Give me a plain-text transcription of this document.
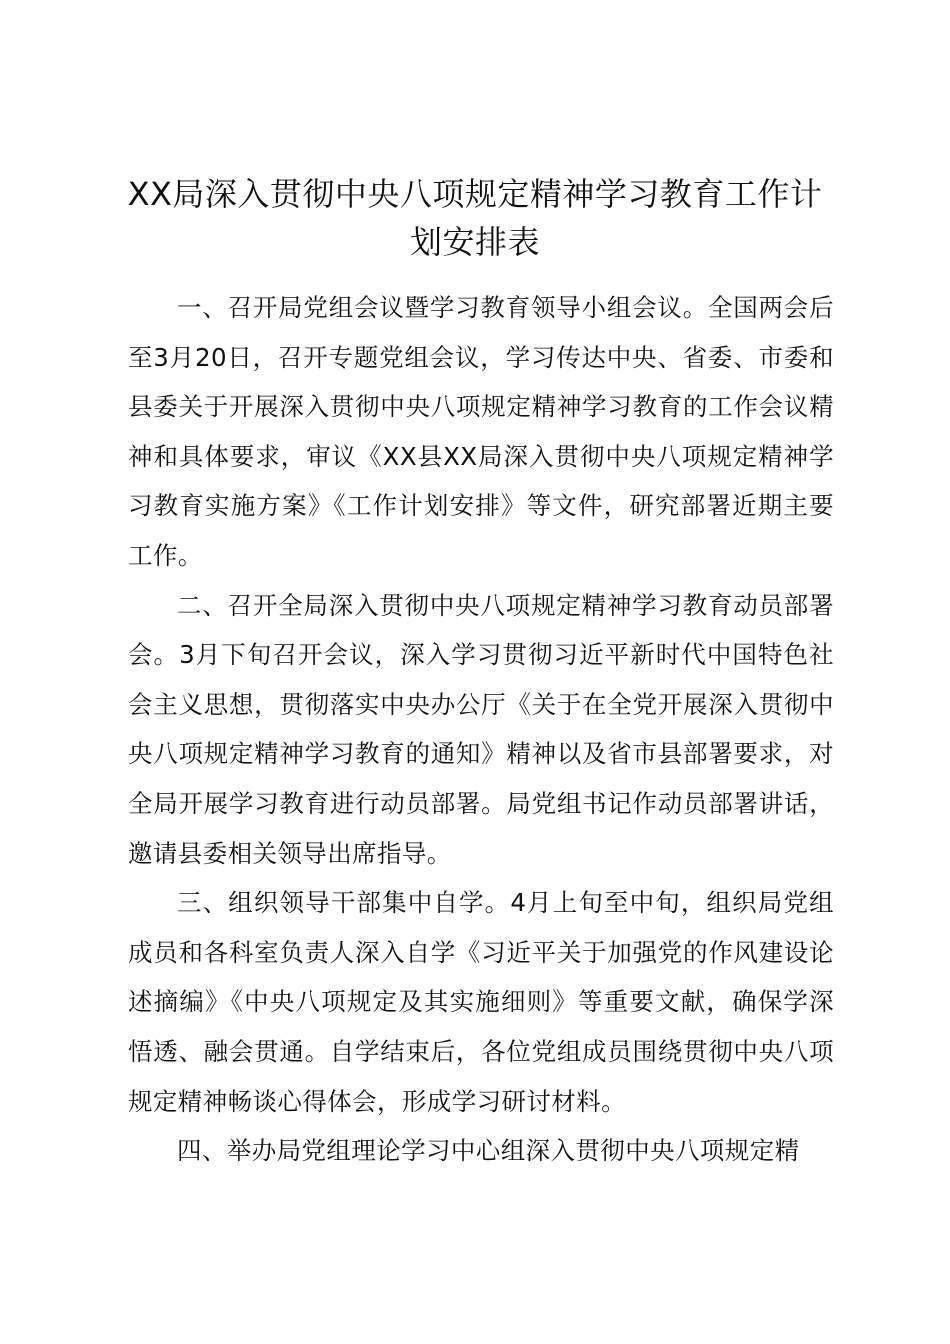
XX局深入贯彻中央八项规定精神学习教育工作计划安排表

一、召开局党组会议暨学习教育领导小组会议。全国两会后至3月20日，召开专题党组会议，学习传达中央、省委、市委和县委关于开展深入贯彻中央八项规定精神学习教育的工作会议精神和具体要求，审议《XX县XX局深入贯彻中央八项规定精神学习教育实施方案》《工作计划安排》等文件，研究部署近期主要工作。

二、召开全局深入贯彻中央八项规定精神学习教育动员部署会。3月下旬召开会议，深入学习贯彻习近平新时代中国特色社会主义思想，贯彻落实中央办公厅《关于在全党开展深入贯彻中央八项规定精神学习教育的通知》精神以及省市县部署要求，对全局开展学习教育进行动员部署。局党组书记作动员部署讲话，邀请县委相关领导出席指导。

三、组织领导干部集中自学。4月上旬至中旬，组织局党组成员和各科室负责人深入自学《习近平关于加强党的作风建设论述摘编》《中央八项规定及其实施细则》等重要文献，确保学深悟透、融会贯通。自学结束后，各位党组成员围绕贯彻中央八项规定精神畅谈心得体会，形成学习研讨材料。

四、举办局党组理论学习中心组深入贯彻中央八项规定精
